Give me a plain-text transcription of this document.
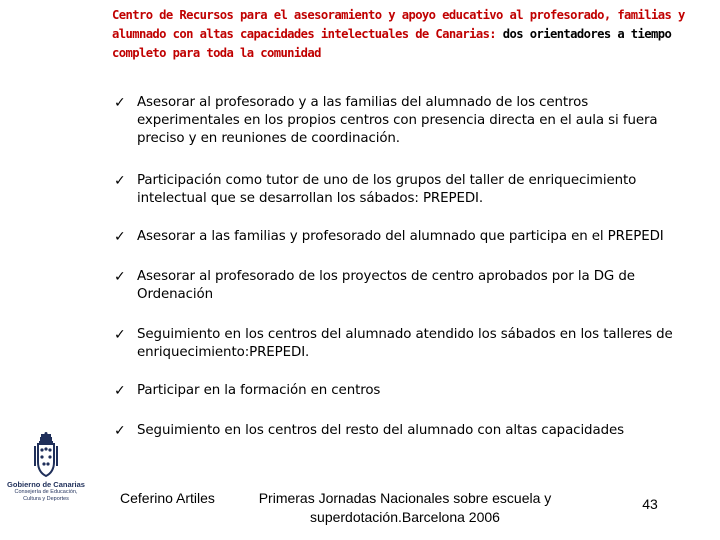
Gobierno de Canarias
Consejería de Educación,
Cultura y Deportes
Centro de Recursos para el asesoramiento y apoyo educativo al profesorado, familias y alumnado con altas capacidades intelectuales de Canarias: dos orientadores a tiempo completo para toda la comunidad
✓ Asesorar al profesorado y a las familias del alumnado de los centros experimentales en los propios centros con presencia directa en el aula si fuera preciso y en reuniones de coordinación.
✓ Participación como tutor de uno de los grupos del taller de enriquecimiento intelectual que se desarrollan los sábados: PREPEDI.
✓ Asesorar a las familias y profesorado del alumnado que participa en el PREPEDI
✓ Asesorar al profesorado de los proyectos de centro aprobados por la DG de Ordenación
✓ Seguimiento en los centros del alumnado atendido los sábados en los talleres de enriquecimiento:PREPEDI.
✓ Participar en la formación en centros
✓ Seguimiento en los centros del resto del alumnado con altas capacidades
Ceferino Artiles	Primeras Jornadas Nacionales sobre escuela y
superdotación.Barcelona 2006
43
